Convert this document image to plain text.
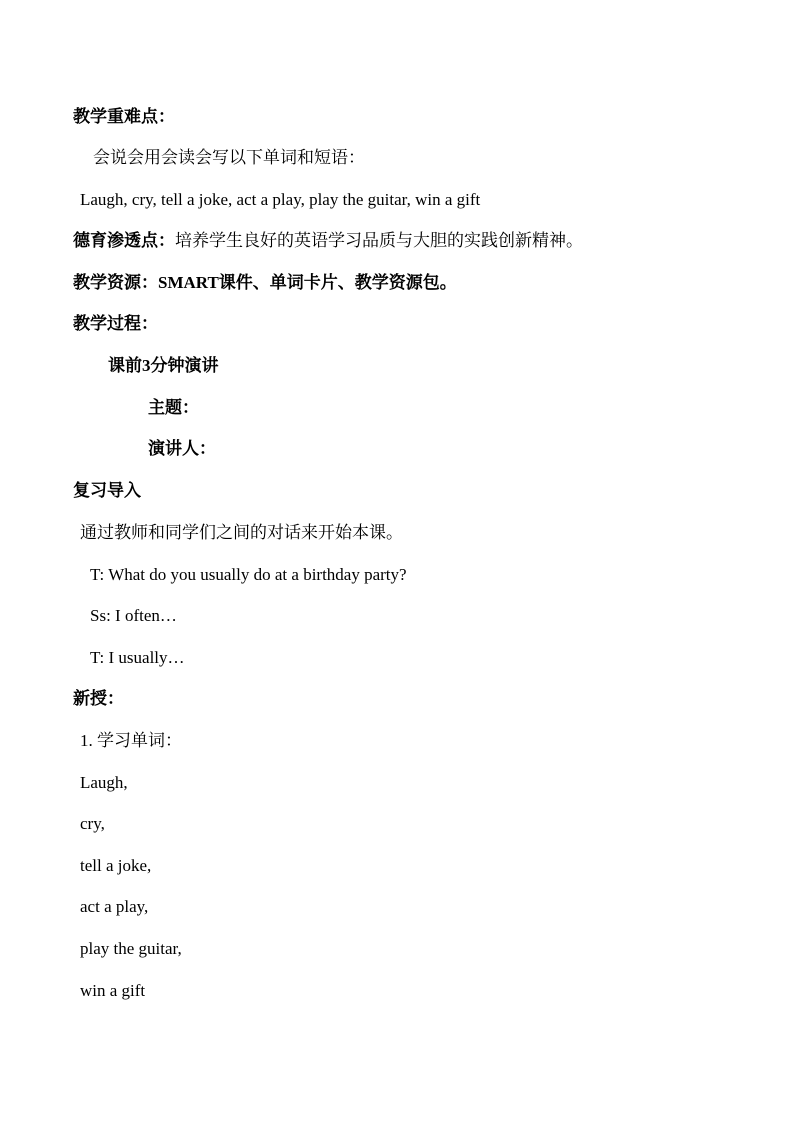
教学重难点：
会说会用会读会写以下单词和短语：
Laugh, cry, tell a joke, act a play, play the guitar, win a gift
德育渗透点：培养学生良好的英语学习品质与大胆的实践创新精神。
教学资源：SMART课件、单词卡片、教学资源包。
教学过程：
课前3分钟演讲
主题：
演讲人：
复习导入
通过教师和同学们之间的对话来开始本课。
T: What do you usually do at a birthday party?
Ss: I often…
T: I usually…
新授：
1. 学习单词：
Laugh,
cry,
tell a joke,
act a play,
play the guitar,
win a gift
